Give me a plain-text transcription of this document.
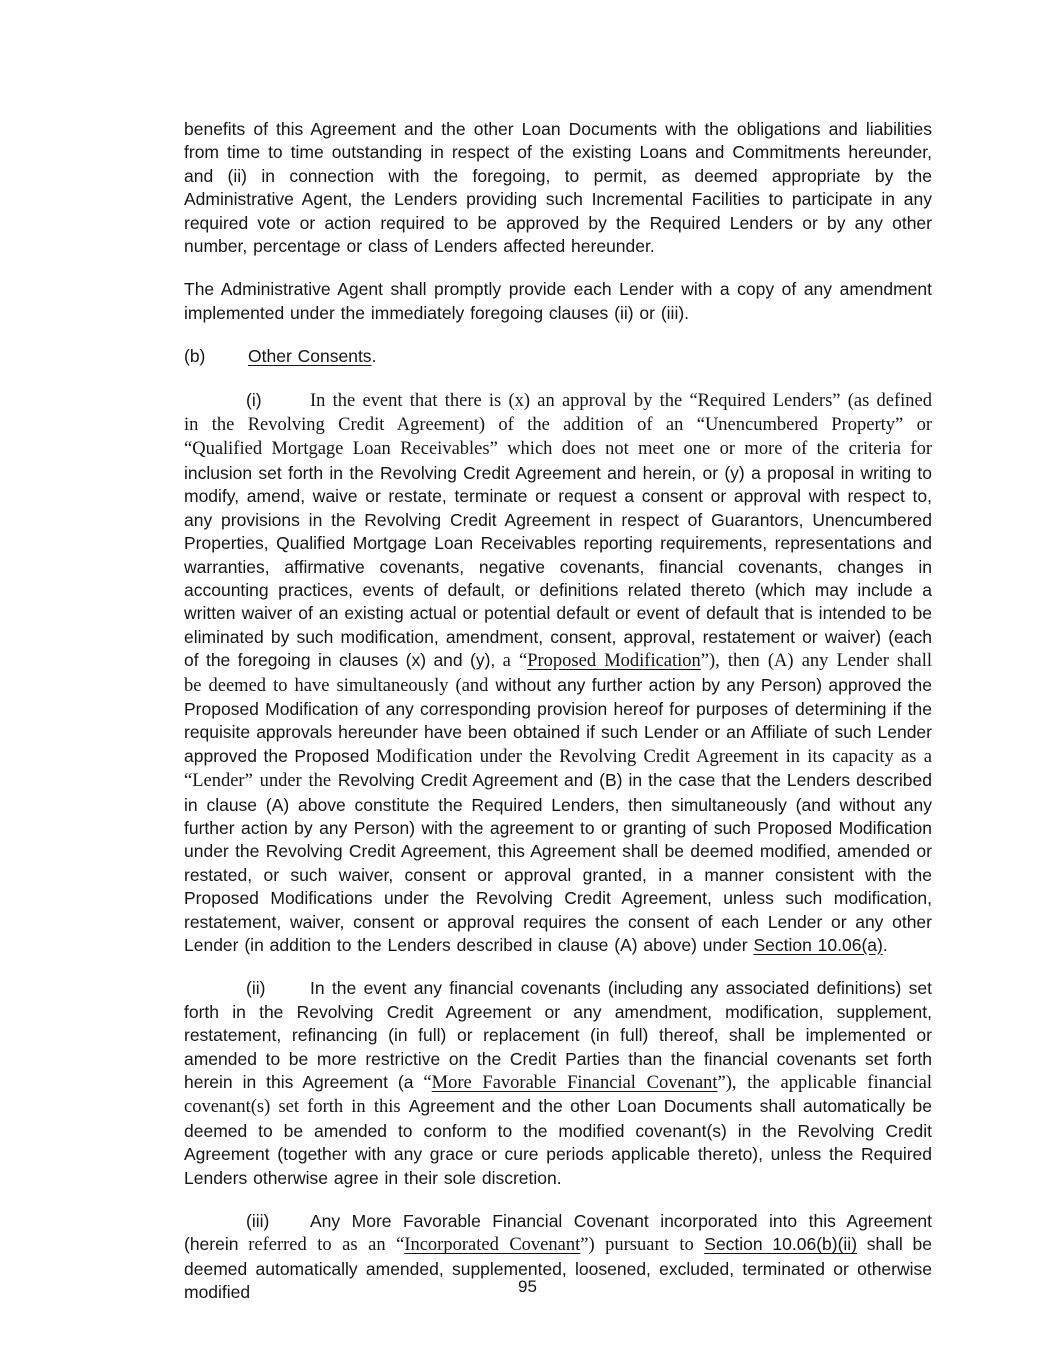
benefits of this Agreement and the other Loan Documents with the obligations and liabilities from time to time outstanding in respect of the existing Loans and Commitments hereunder, and (ii) in connection with the foregoing, to permit, as deemed appropriate by the Administrative Agent, the Lenders providing such Incremental Facilities to participate in any required vote or action required to be approved by the Required Lenders or by any other number, percentage or class of Lenders affected hereunder.

The Administrative Agent shall promptly provide each Lender with a copy of any amendment implemented under the immediately foregoing clauses (ii) or (iii).

(b) Other Consents.

(i)	In the event that there is (x) an approval by the “Required Lenders” (as defined in the Revolving Credit Agreement) of the addition of an “Unencumbered Property” or “Qualified Mortgage Loan Receivables” which does not meet one or more of the criteria for inclusion set forth in the Revolving Credit Agreement and herein, or (y) a proposal in writing to modify, amend, waive or restate, terminate or request a consent or approval with respect to, any provisions in the Revolving Credit Agreement in respect of Guarantors, Unencumbered Properties, Qualified Mortgage Loan Receivables reporting requirements, representations and warranties, affirmative covenants, negative covenants, financial covenants, changes in accounting practices, events of default, or definitions related thereto (which may include a written waiver of an existing actual or potential default or event of default that is intended to be eliminated by such modification, amendment, consent, approval, restatement or waiver) (each of the foregoing in clauses (x) and (y), a “Proposed Modification”), then (A) any Lender shall be deemed to have simultaneously (and without any further action by any Person) approved the Proposed Modification of any corresponding provision hereof for purposes of determining if the requisite approvals hereunder have been obtained if such Lender or an Affiliate of such Lender approved the Proposed Modification under the Revolving Credit Agreement in its capacity as a “Lender” under the Revolving Credit Agreement and (B) in the case that the Lenders described in clause (A) above constitute the Required Lenders, then simultaneously (and without any further action by any Person) with the agreement to or granting of such Proposed Modification under the Revolving Credit Agreement, this Agreement shall be deemed modified, amended or restated, or such waiver, consent or approval granted, in a manner consistent with the Proposed Modifications under the Revolving Credit Agreement, unless such modification, restatement, waiver, consent or approval requires the consent of each Lender or any other Lender (in addition to the Lenders described in clause (A) above) under Section 10.06(a).

(ii)	In the event any financial covenants (including any associated definitions) set forth in the Revolving Credit Agreement or any amendment, modification, supplement, restatement, refinancing (in full) or replacement (in full) thereof, shall be implemented or amended to be more restrictive on the Credit Parties than the financial covenants set forth herein in this Agreement (a “More Favorable Financial Covenant”), the applicable financial covenant(s) set forth in this Agreement and the other Loan Documents shall automatically be deemed to be amended to conform to the modified covenant(s) in the Revolving Credit Agreement (together with any grace or cure periods applicable thereto), unless the Required Lenders otherwise agree in their sole discretion.

(iii) Any More Favorable Financial Covenant incorporated into this Agreement (herein referred to as an “Incorporated Covenant”) pursuant to Section 10.06(b)(ii) shall be deemed automatically amended, supplemented, loosened, excluded, terminated or otherwise modified	95
